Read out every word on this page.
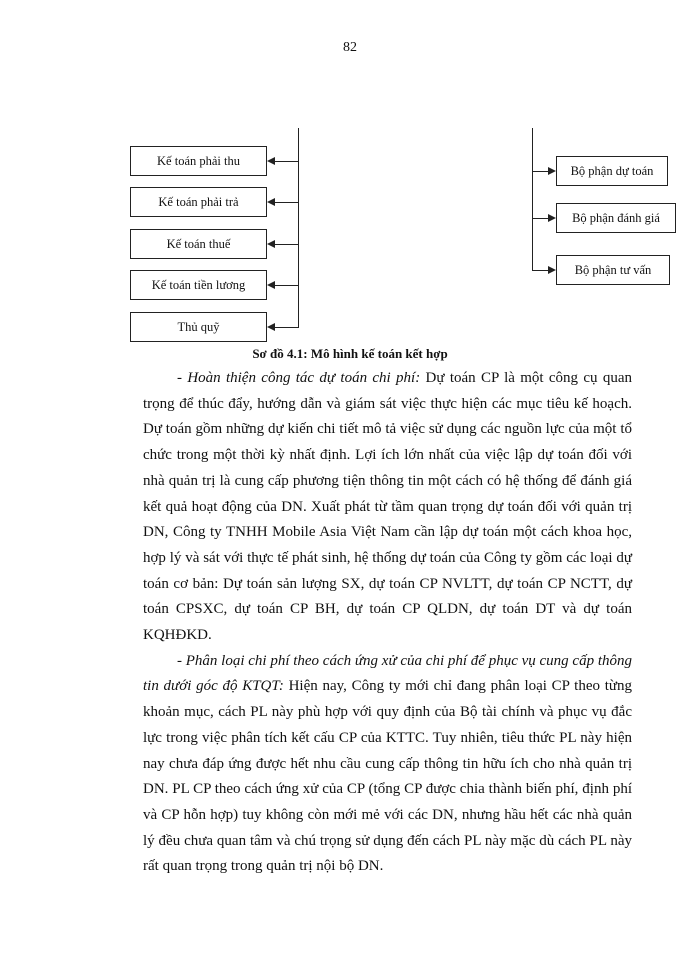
82
Kế toán phải thu
Kế toán phải trả
Kế toán thuế
Kế toán tiền lương
Thủ quỹ
Bộ phận dự toán
Bộ phận đánh giá
Bộ phận tư vấn
Sơ đồ 4.1: Mô hình kế toán kết hợp

- Hoàn thiện công tác dự toán chi phí: Dự toán CP là một công cụ quan trọng để thúc đẩy, hướng dẫn và giám sát việc thực hiện các mục tiêu kế hoạch. Dự toán gồm những dự kiến chi tiết mô tả việc sử dụng các nguồn lực của một tổ chức trong một thời kỳ nhất định. Lợi ích lớn nhất của việc lập dự toán đối với nhà quản trị là cung cấp phương tiện thông tin một cách có hệ thống để đánh giá kết quả hoạt động của DN. Xuất phát từ tầm quan trọng dự toán đối với quản trị DN, Công ty TNHH Mobile Asia Việt Nam cần lập dự toán một cách khoa học, hợp lý và sát với thực tế phát sinh, hệ thống dự toán của Công ty gồm các loại dự toán cơ bản: Dự toán sản lượng SX, dự toán CP NVLTT, dự toán CP NCTT, dự toán CPSXC, dự toán CP BH, dự toán CP QLDN, dự toán DT và dự toán KQHĐKD.

- Phân loại chi phí theo cách ứng xử của chi phí để phục vụ cung cấp thông tin dưới góc độ KTQT: Hiện nay, Công ty mới chỉ đang phân loại CP theo từng khoản mục, cách PL này phù hợp với quy định của Bộ tài chính và phục vụ đắc lực trong việc phân tích kết cấu CP của KTTC. Tuy nhiên, tiêu thức PL này hiện nay chưa đáp ứng được hết nhu cầu cung cấp thông tin hữu ích cho nhà quản trị DN. PL CP theo cách ứng xử của CP (tổng CP được chia thành biến phí, định phí và CP hỗn hợp) tuy không còn mới mẻ với các DN, nhưng hầu hết các nhà quản lý đều chưa quan tâm và chú trọng sử dụng đến cách PL này mặc dù cách PL này rất quan trọng trong quản trị nội bộ DN.
